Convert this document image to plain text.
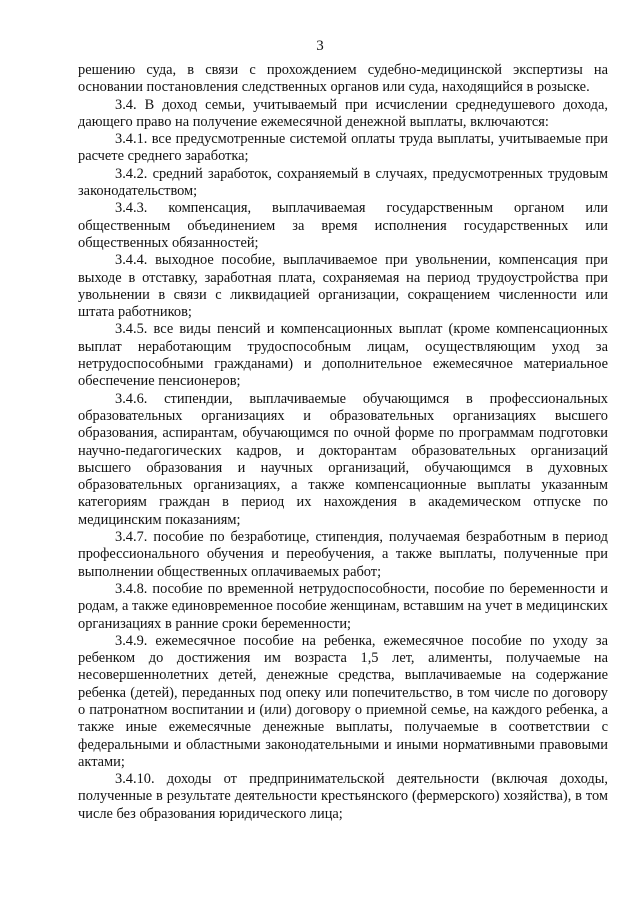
3

решению суда, в связи с прохождением судебно-медицинской экспертизы на основании постановления следственных органов или суда, находящийся в розыске.

3.4. В доход семьи, учитываемый при исчислении среднедушевого дохода, дающего право на получение ежемесячной денежной выплаты, включаются:

3.4.1. все предусмотренные системой оплаты труда выплаты, учитываемые при расчете среднего заработка;

3.4.2. средний заработок, сохраняемый в случаях, предусмотренных трудовым законодательством;

3.4.3. компенсация, выплачиваемая государственным органом или общественным объединением за время исполнения государственных или общественных обязанностей;

3.4.4. выходное пособие, выплачиваемое при увольнении, компенсация при выходе в отставку, заработная плата, сохраняемая на период трудоустройства при увольнении в связи с ликвидацией организации, сокращением численности или штата работников;

3.4.5. все виды пенсий и компенсационных выплат (кроме компенсационных выплат неработающим трудоспособным лицам, осуществляющим уход за нетрудоспособными гражданами) и дополнительное ежемесячное материальное обеспечение пенсионеров;

3.4.6. стипендии, выплачиваемые обучающимся в профессиональных образовательных организациях и образовательных организациях высшего образования, аспирантам, обучающимся по очной форме по программам подготовки научно-педагогических кадров, и докторантам образовательных организаций высшего образования и научных организаций, обучающимся в духовных образовательных организациях, а также компенсационные выплаты указанным категориям граждан в период их нахождения в академическом отпуске по медицинским показаниям;

3.4.7. пособие по безработице, стипендия, получаемая безработным в период профессионального обучения и переобучения, а также выплаты, полученные при выполнении общественных оплачиваемых работ;

3.4.8. пособие по временной нетрудоспособности, пособие по беременности и родам, а также единовременное пособие женщинам, вставшим на учет в медицинских организациях в ранние сроки беременности;

3.4.9. ежемесячное пособие на ребенка, ежемесячное пособие по уходу за ребенком до достижения им возраста 1,5 лет, алименты, получаемые на несовершеннолетних детей, денежные средства, выплачиваемые на содержание ребенка (детей), переданных под опеку или попечительство, в том числе по договору о патронатном воспитании и (или) договору о приемной семье, на каждого ребенка, а также иные ежемесячные денежные выплаты, получаемые в соответствии с федеральными и областными законодательными и иными нормативными правовыми актами;

3.4.10. доходы от предпринимательской деятельности (включая доходы, полученные в результате деятельности крестьянского (фермерского) хозяйства), в том числе без образования юридического лица;
